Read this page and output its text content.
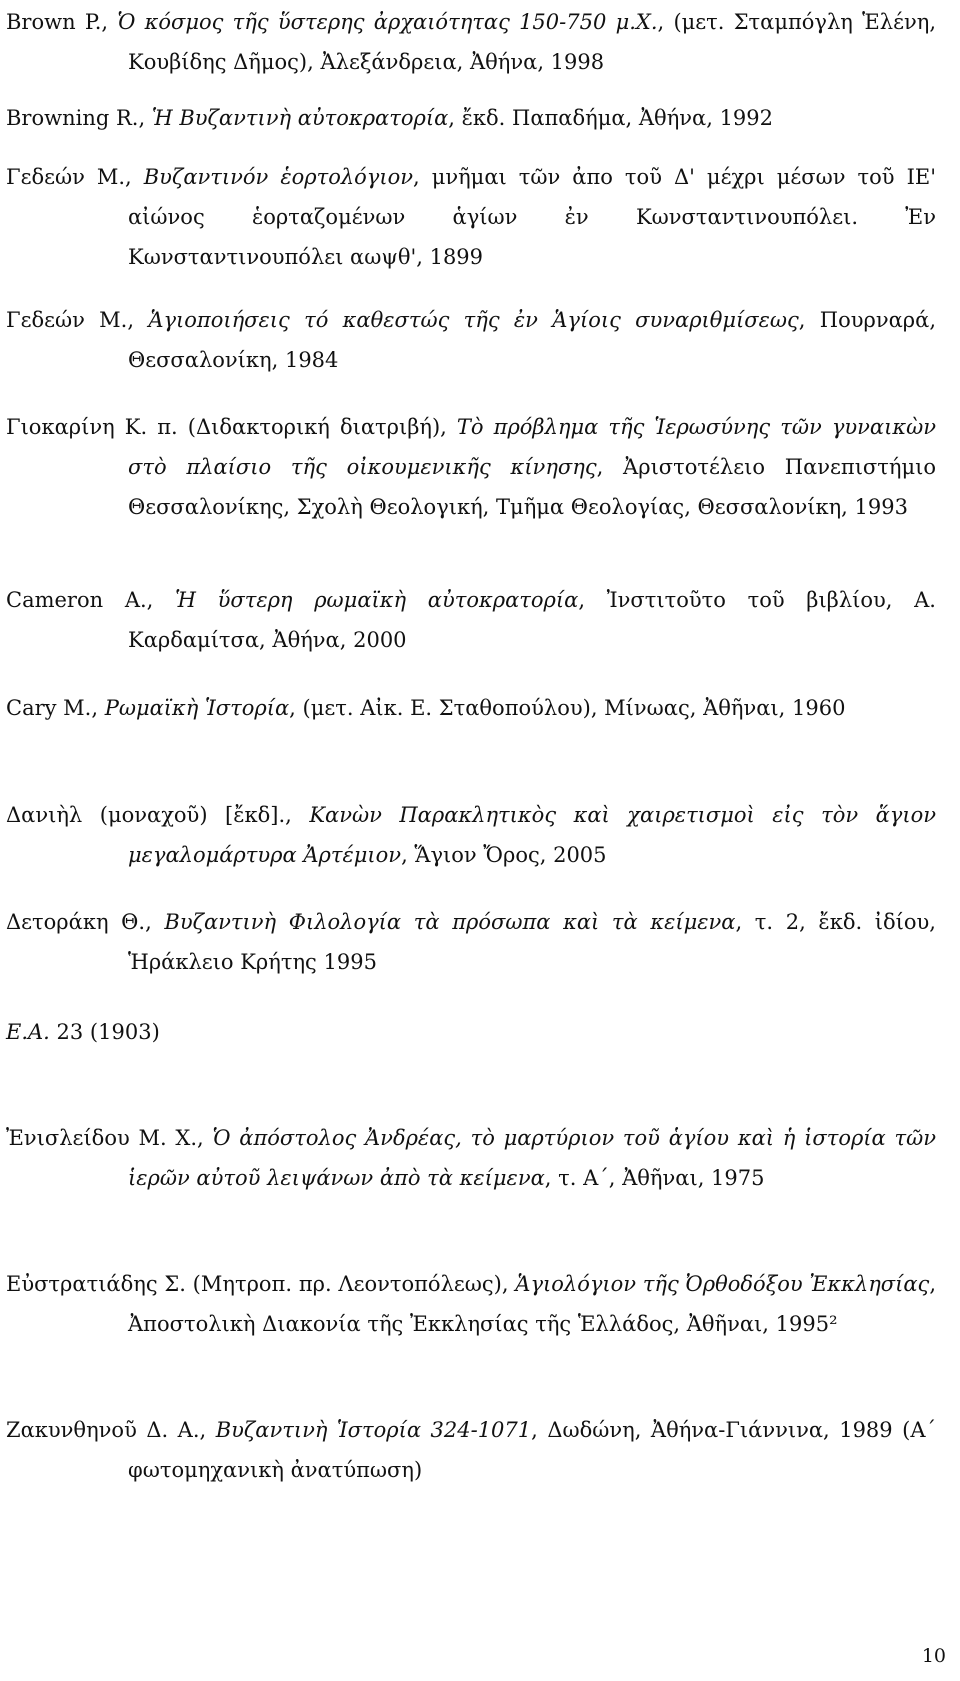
Brown P., Ὁ κόσμος τῆς ὕστερης ἀρχαιότητας 150-750 μ.Χ., (μετ. Σταμπόγλη Ἑλένη, Κουβίδης Δῆμος), Ἀλεξάνδρεια, Ἀθήνα, 1998
Browning R., Ἡ Βυζαντινὴ αὐτοκρατορία, ἔκδ. Παπαδήμα, Ἀθήνα, 1992
Γεδεών Μ., Βυζαντινόν ἑορτολόγιον, μνῆμαι τῶν ἀπο τοῦ Δ' μέχρι μέσων τοῦ ΙΕ' αἰώνος ἑορταζομένων ἁγίων ἐν Κωνσταντινουπόλει. Ἐν Κωνσταντινουπόλει αωψθ', 1899
Γεδεών Μ., Ἁγιοποιήσεις τό καθεστώς τῆς ἐν Ἁγίοις συναριθμίσεως, Πουρναρά, Θεσσαλονίκη, 1984
Γιοκαρίνη Κ. π. (Διδακτορική διατριβή), Τὸ πρόβλημα τῆς Ἱερωσύνης τῶν γυναικὼν στὸ πλαίσιο τῆς οἰκουμενικῆς κίνησης, Ἀριστοτέλειο Πανεπιστήμιο Θεσσαλονίκης, Σχολὴ Θεολογική, Τμῆμα Θεολογίας, Θεσσαλονίκη, 1993
Cameron A., Ἡ ὕστερη ρωμαϊκὴ αὐτοκρατορία, Ἰνστιτοῦτο τοῦ βιβλίου, Α. Καρδαμίτσα, Ἀθήνα, 2000
Cary M., Ρωμαϊκὴ Ἱστορία, (μετ. Αἰκ. Ε. Σταθοπούλου), Μίνωας, Ἀθῆναι, 1960
Δανιὴλ (μοναχοῦ) [ἔκδ]., Κανὼν Παρακλητικὸς καὶ χαιρετισμοὶ εἰς τὸν ἅγιον μεγαλομάρτυρα Ἀρτέμιον, Ἅγιον Ὄρος, 2005
Δετοράκη Θ., Βυζαντινὴ Φιλολογία τὰ πρόσωπα καὶ τὰ κείμενα, τ. 2, ἔκδ. ἰδίου, Ἡράκλειο Κρήτης 1995
Ε.Α. 23 (1903)
Ἐνισλείδου Μ. Χ., Ὁ ἀπόστολος Ἀνδρέας, τὸ μαρτύριον τοῦ ἁγίου καὶ ἡ ἱστορία τῶν ἱερῶν αὐτοῦ λειψάνων ἀπὸ τὰ κείμενα, τ. Α΄, Ἀθῆναι, 1975
Εὐστρατιάδης Σ. (Μητροπ. πρ. Λεοντοπόλεως), Ἁγιολόγιον τῆς Ὀρθοδόξου Ἐκκλησίας, Ἀποστολικὴ Διακονία τῆς Ἐκκλησίας τῆς Ἑλλάδος, Ἀθῆναι, 1995²
Ζακυνθηνοῦ Δ. Α., Βυζαντινὴ Ἱστορία 324-1071, Δωδώνη, Ἀθήνα-Γιάννινα, 1989 (Α΄ φωτομηχανικὴ ἀνατύπωση)
10
